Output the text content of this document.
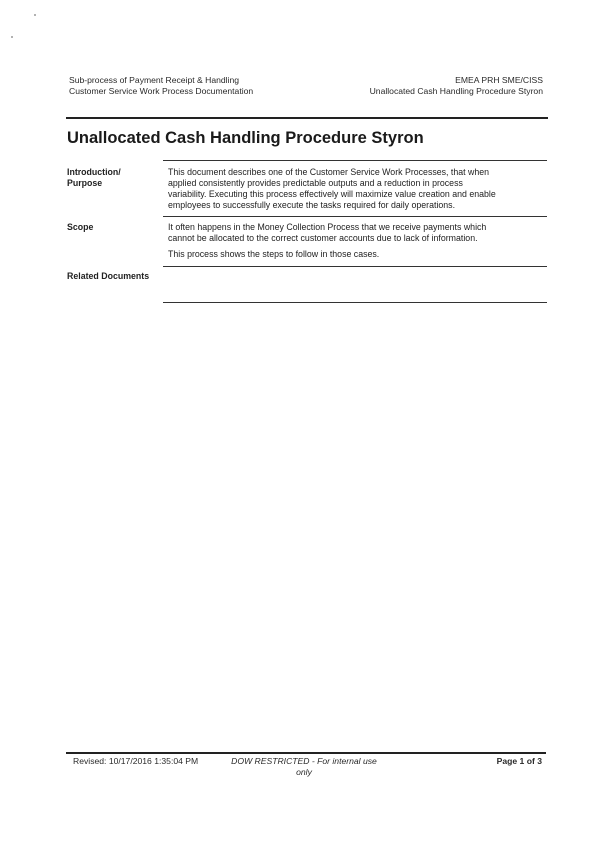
Sub-process of Payment Receipt & Handling
Customer Service Work Process Documentation
EMEA PRH SME/CISS
Unallocated Cash Handling Procedure Styron
Unallocated Cash Handling Procedure Styron
Introduction/
Purpose
This document describes one of the Customer Service Work Processes, that when
applied consistently provides predictable outputs and a reduction in process
variability. Executing this process effectively will maximize value creation and enable
employees to successfully execute the tasks required for daily operations.
Scope	It often happens in the Money Collection Process that we receive payments which
cannot be allocated to the correct customer accounts due to lack of information.
This process shows the steps to follow in those cases.
Related Documents
Revised: 10/17/2016 1:35:04 PM	DOW RESTRICTED - For internal use
only
Page 1 of 3
